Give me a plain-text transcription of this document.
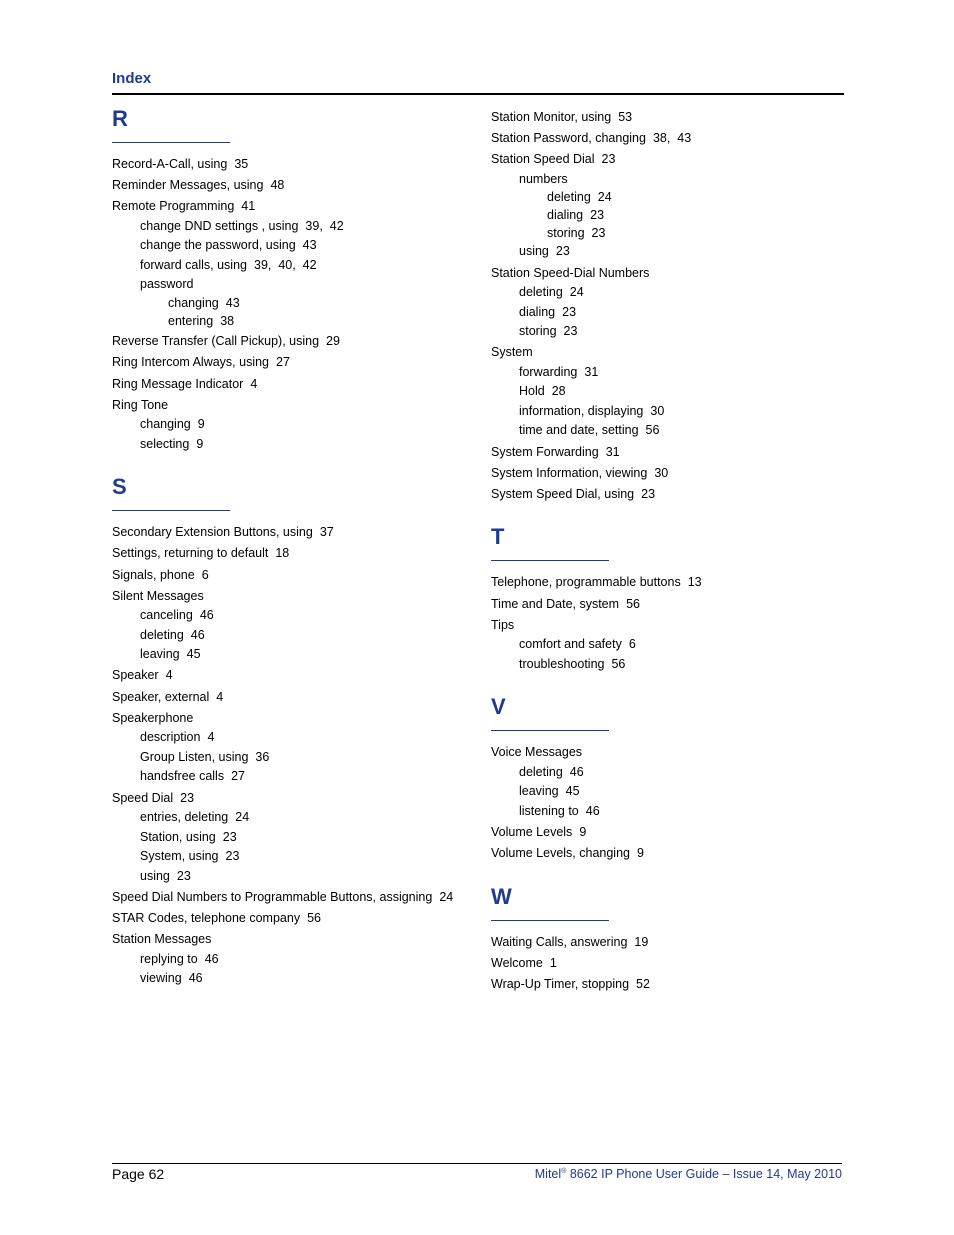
Index
R
Record-A-Call, using 35
Reminder Messages, using 48
Remote Programming 41
change DND settings , using 39,  42
change the password, using 43
forward calls, using 39,  40,  42
password
changing 43
entering 38
Reverse Transfer (Call Pickup), using 29
Ring Intercom Always, using 27
Ring Message Indicator 4
Ring Tone
changing 9
selecting 9
S
Secondary Extension Buttons, using 37
Settings, returning to default 18
Signals, phone 6
Silent Messages
canceling 46
deleting 46
leaving 45
Speaker 4
Speaker, external 4
Speakerphone
description 4
Group Listen, using 36
handsfree calls 27
Speed Dial 23
entries, deleting 24
Station, using 23
System, using 23
using 23
Speed Dial Numbers to Programmable Buttons, assigning 24
STAR Codes, telephone company 56
Station Messages
replying to 46
viewing 46
Station Monitor, using 53
Station Password, changing 38,  43
Station Speed Dial 23
numbers
deleting 24
dialing 23
storing 23
using 23
Station Speed-Dial Numbers
deleting 24
dialing 23
storing 23
System
forwarding 31
Hold 28
information, displaying 30
time and date, setting 56
System Forwarding 31
System Information, viewing 30
System Speed Dial, using 23
T
Telephone, programmable buttons 13
Time and Date, system 56
Tips
comfort and safety 6
troubleshooting 56
V
Voice Messages
deleting 46
leaving 45
listening to 46
Volume Levels 9
Volume Levels, changing 9
W
Waiting Calls, answering 19
Welcome 1
Wrap-Up Timer, stopping 52
Page 62	Mitel® 8662 IP Phone User Guide – Issue 14, May 2010
